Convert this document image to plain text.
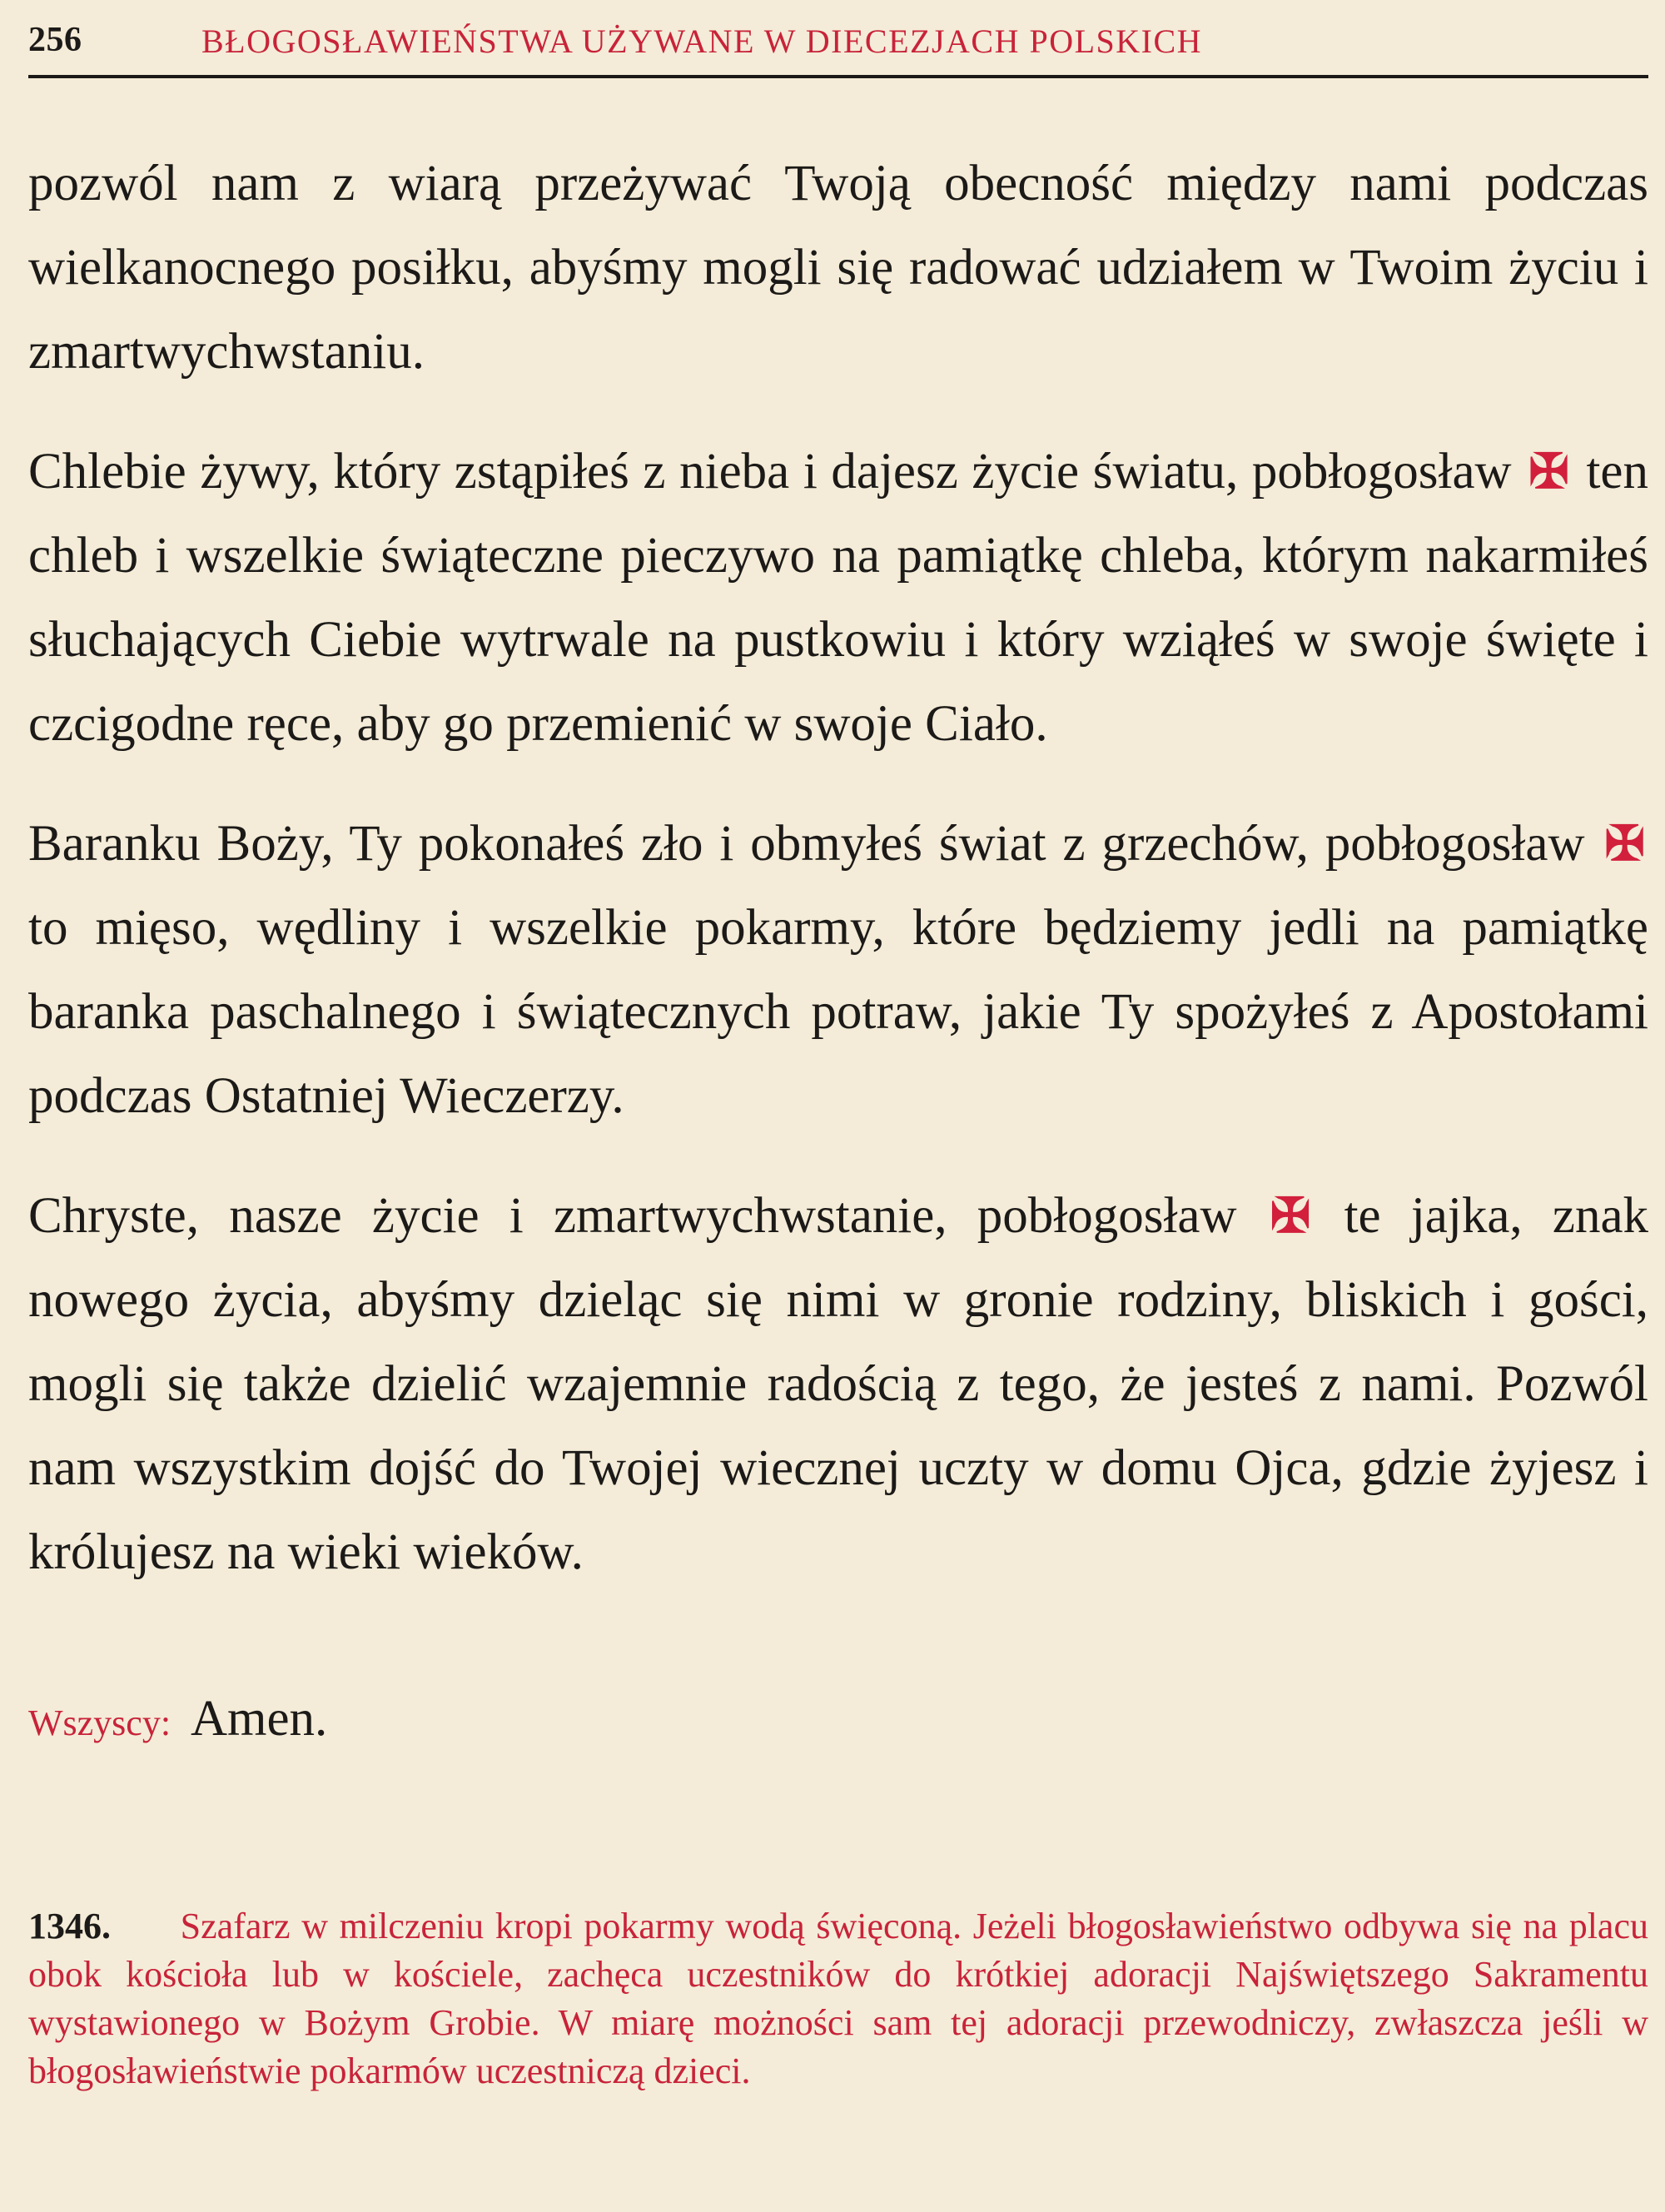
256	BŁOGOSŁAWIEŃSTWA UŻYWANE W DIECEZJACH POLSKICH

pozwól nam z wiarą przeżywać Twoją obecność między nami podczas wielkanocnego posiłku, abyśmy mogli się radować udziałem w Twoim życiu i zmartwychwstaniu.

Chlebie żywy, który zstąpiłeś z nieba i dajesz życie światu, pobłogosław ✠ ten chleb i wszelkie świąteczne pieczywo na pamiątkę chleba, którym nakarmiłeś słuchających Ciebie wytrwale na pustkowiu i który wziąłeś w swoje święte i czcigodne ręce, aby go przemienić w swoje Ciało.

Baranku Boży, Ty pokonałeś zło i obmyłeś świat z grzechów, pobłogosław ✠ to mięso, wędliny i wszelkie pokarmy, które będziemy jedli na pamiątkę baranka paschalnego i świątecznych potraw, jakie Ty spożyłeś z Apostołami podczas Ostatniej Wieczerzy.

Chryste, nasze życie i zmartwychwstanie, pobłogosław ✠ te jajka, znak nowego życia, abyśmy dzieląc się nimi w gronie rodziny, bliskich i gości, mogli się także dzielić wzajemnie radością z tego, że jesteś z nami. Pozwól nam wszystkim dojść do Twojej wiecznej uczty w domu Ojca, gdzie żyjesz i królujesz na wieki wieków.

Wszyscy: Amen.
1346. Szafarz w milczeniu kropi pokarmy wodą święconą. Jeżeli błogosławieństwo odbywa się na placu obok kościoła lub w kościele, zachęca uczestników do krótkiej adoracji Najświętszego Sakramentu wystawionego w Bożym Grobie. W miarę możności sam tej adoracji przewodniczy, zwłaszcza jeśli w błogosławieństwie pokarmów uczestniczą dzieci.
